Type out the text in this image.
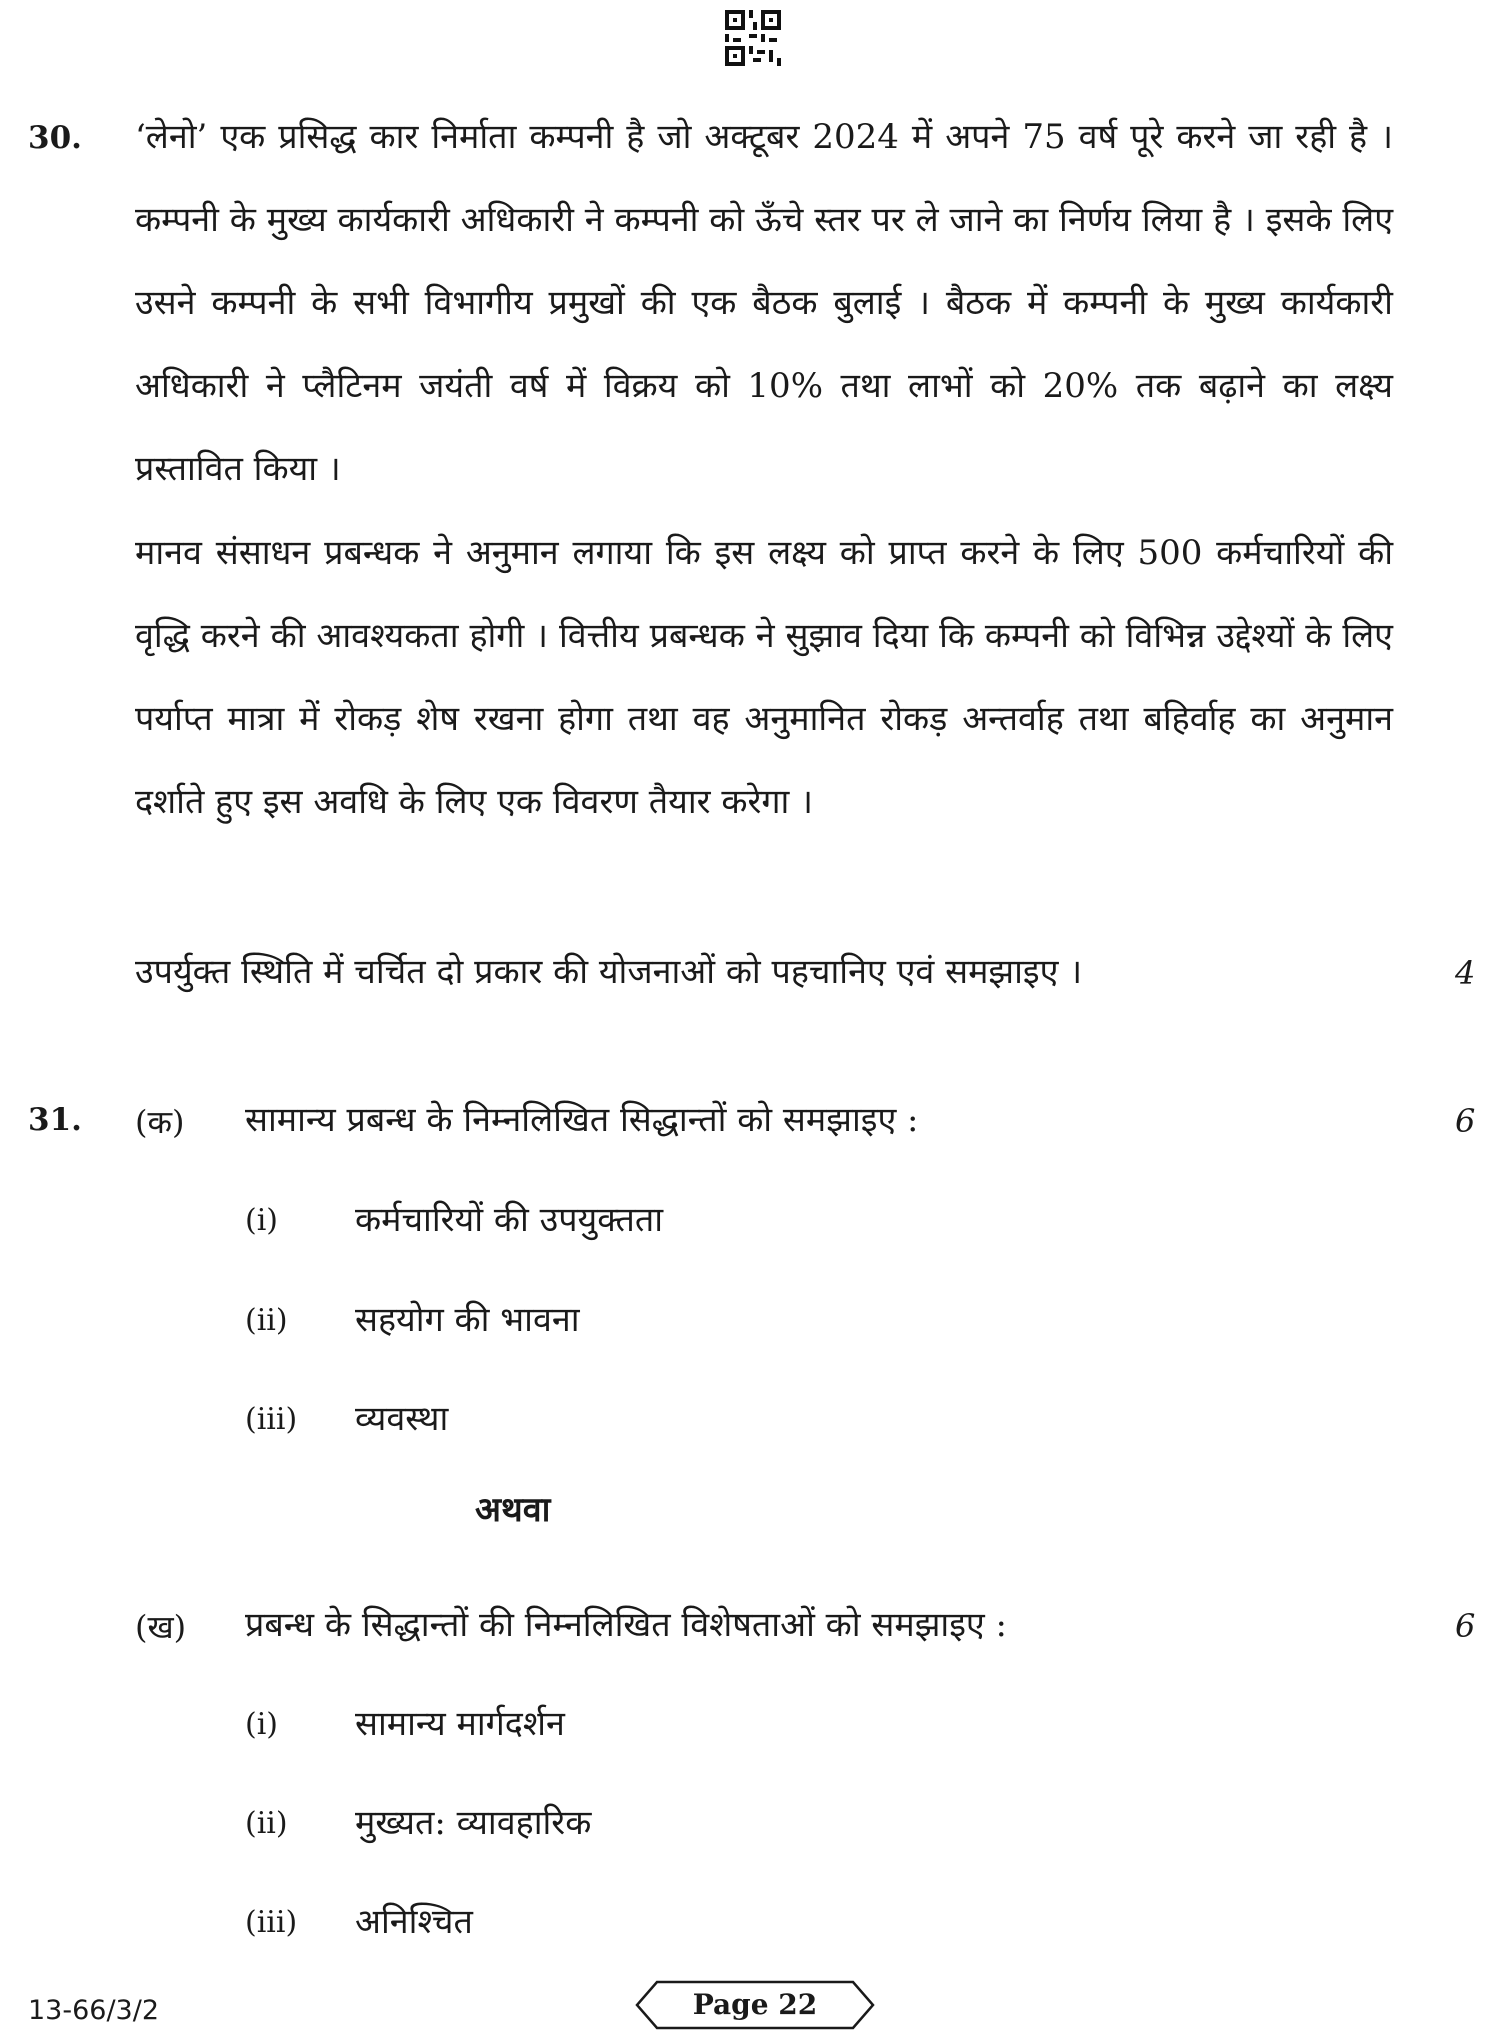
30. ‘लेनो’ एक प्रसिद्ध कार निर्माता कम्पनी है जो अक्टूबर 2024 में अपने 75 वर्ष पूरे करने जा रही है । कम्पनी के मुख्य कार्यकारी अधिकारी ने कम्पनी को ऊँचे स्तर पर ले जाने का निर्णय लिया है । इसके लिए उसने कम्पनी के सभी विभागीय प्रमुखों की एक बैठक बुलाई । बैठक में कम्पनी के मुख्य कार्यकारी अधिकारी ने प्लैटिनम जयंती वर्ष में विक्रय को 10% तथा लाभों को 20% तक बढ़ाने का लक्ष्य प्रस्तावित किया ।

मानव संसाधन प्रबन्धक ने अनुमान लगाया कि इस लक्ष्य को प्राप्त करने के लिए 500 कर्मचारियों की वृद्धि करने की आवश्यकता होगी । वित्तीय प्रबन्धक ने सुझाव दिया कि कम्पनी को विभिन्न उद्देश्यों के लिए पर्याप्त मात्रा में रोकड़ शेष रखना होगा तथा वह अनुमानित रोकड़ अन्तर्वाह तथा बहिर्वाह का अनुमान दर्शाते हुए इस अवधि के लिए एक विवरण तैयार करेगा ।

उपर्युक्त स्थिति में चर्चित दो प्रकार की योजनाओं को पहचानिए एवं समझाइए ।	4
31. (क) सामान्य प्रबन्ध के निम्नलिखित सिद्धान्तों को समझाइए :	6
(i) कर्मचारियों की उपयुक्तता
(ii) सहयोग की भावना
(iii) व्यवस्था
अथवा
(ख) प्रबन्ध के सिद्धान्तों की निम्नलिखित विशेषताओं को समझाइए :	6
(i) सामान्य मार्गदर्शन
(ii) मुख्यत: व्यावहारिक
(iii) अनिश्चित
13-66/3/2	Page 22
